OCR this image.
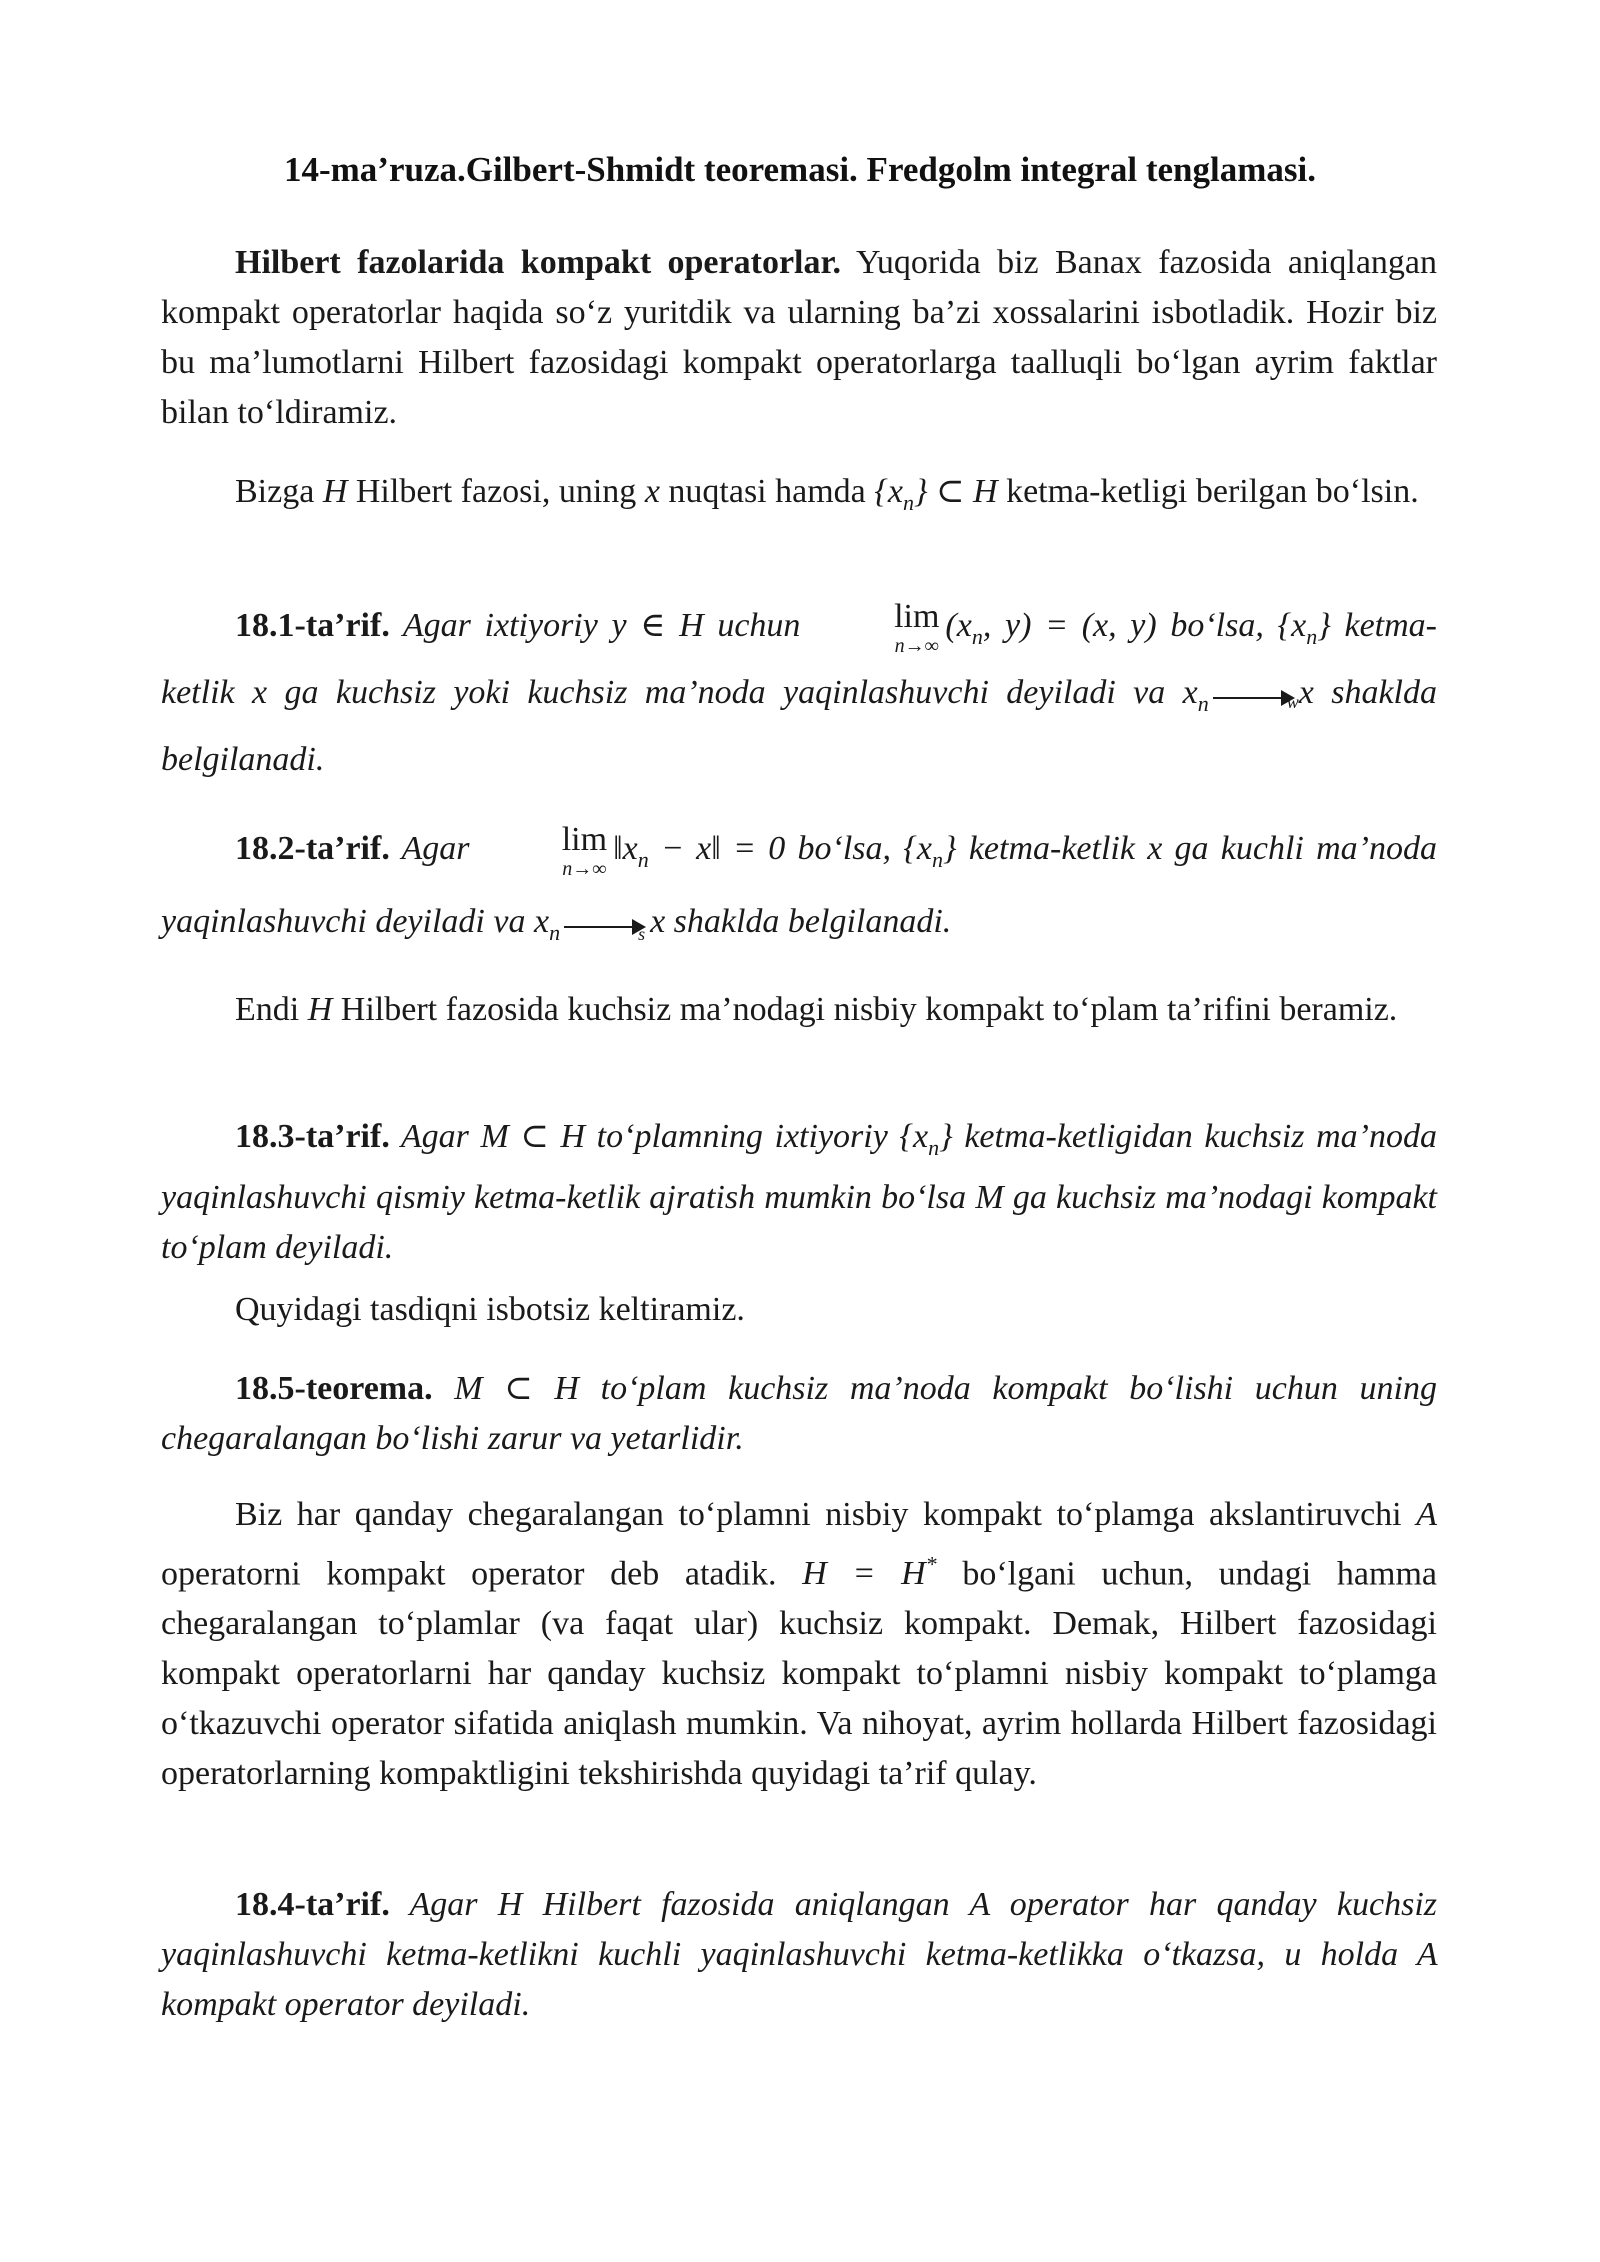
14-ma’ruza.Gilbert-Shmidt teoremasi. Fredgolm integral tenglamasi.
Hilbert fazolarida kompakt operatorlar. Yuqorida biz Banax fazosida aniqlangan kompakt operatorlar haqida so‘z yuritdik va ularning ba’zi xossalarini isbotladik. Hozir biz bu ma’lumotlarni Hilbert fazosidagi kompakt operatorlarga taalluqli bo‘lgan ayrim faktlar bilan to‘ldiramiz.
Bizga H Hilbert fazosi, uning x nuqtasi hamda $\{x_n\}$ ⊂ H ketma-ketligi berilgan bo‘lsin.
18.1-ta’rif. Agar ixtiyoriy y ∈ H uchun	lim
n→∞
($x_n$, y) = (x, y) bo‘lsa, $\{x_n\}$ ketma-ketlik x ga kuchsiz yoki kuchsiz ma’noda yaqinlashuvchi deyiladi va $x_n$	w x shaklda belgilanadi.
18.2-ta’rif. Agar	lim
n→∞
$‖x_n$ − x‖ = 0 bo‘lsa, $\{x_n\}$ ketma-ketlik x ga kuchli ma’noda yaqinlashuvchi deyiladi va $x_n$	s x shaklda belgilanadi.
Endi H Hilbert fazosida kuchsiz ma’nodagi nisbiy kompakt to‘plam ta’rifini beramiz.
18.3-ta’rif. Agar M ⊂ H to‘plamning ixtiyoriy $\{x_n\}$ ketma-ketligidan kuchsiz ma’noda yaqinlashuvchi qismiy ketma-ketlik ajratish mumkin bo‘lsa M ga kuchsiz ma’nodagi kompakt to‘plam deyiladi.
Quyidagi tasdiqni isbotsiz keltiramiz.
18.5-teorema. M ⊂ H to‘plam kuchsiz ma’noda kompakt bo‘lishi uchun uning chegaralangan bo‘lishi zarur va yetarlidir.
Biz har qanday chegaralangan to‘plamni nisbiy kompakt to‘plamga akslantiruvchi A operatorni kompakt operator deb atadik. H = H* bo‘lgani uchun, undagi hamma chegaralangan to‘plamlar (va faqat ular) kuchsiz kompakt. Demak, Hilbert fazosidagi kompakt operatorlarni har qanday kuchsiz kompakt to‘plamni nisbiy kompakt to‘plamga o‘tkazuvchi operator sifatida aniqlash mumkin. Va nihoyat, ayrim hollarda Hilbert fazosidagi operatorlarning kompaktligini tekshirishda quyidagi ta’rif qulay.
18.4-ta’rif. Agar H Hilbert fazosida aniqlangan A operator har qanday kuchsiz yaqinlashuvchi ketma-ketlikni kuchli yaqinlashuvchi ketma-ketlikka o‘tkazsa, u holda A kompakt operator deyiladi.
